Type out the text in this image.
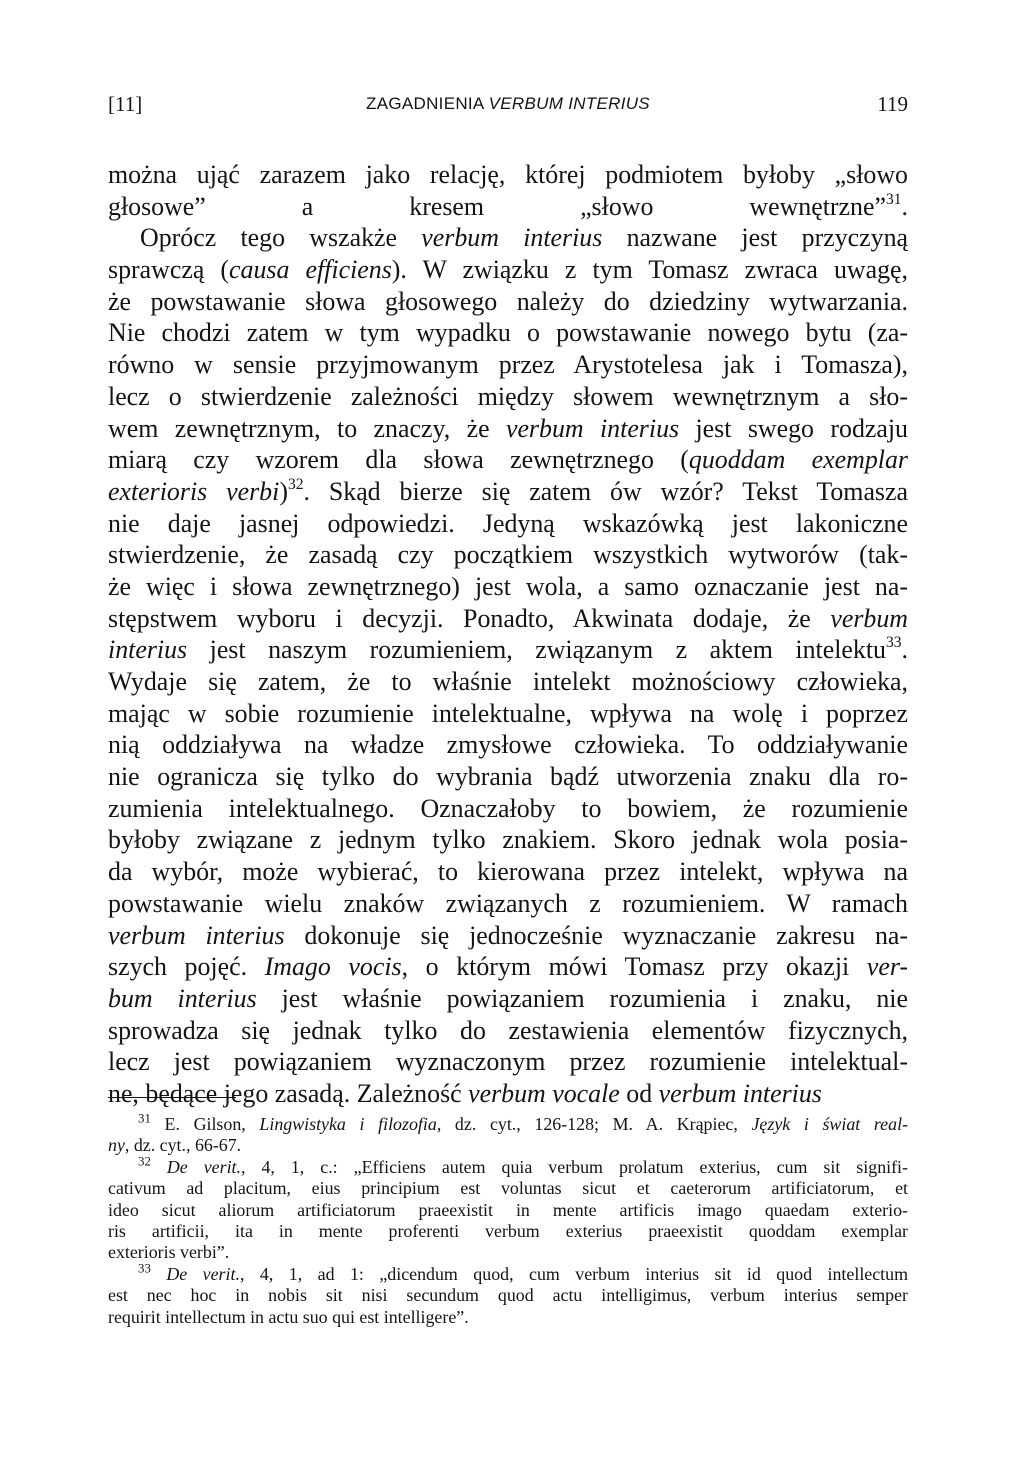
[11]	ZAGADNIENIA VERBUM INTERIUS	119
można ująć zarazem jako relację, której podmiotem byłoby „słowo
głosowe” a kresem „słowo wewnętrzne”$^{31}$.
Oprócz tego wszakże verbum interius nazwane jest przyczyną
sprawczą (causa efficiens). W związku z tym Tomasz zwraca uwagę,
że powstawanie słowa głosowego należy do dziedziny wytwarzania.
Nie chodzi zatem w tym wypadku o powstawanie nowego bytu (za-
równo w sensie przyjmowanym przez Arystotelesa jak i Tomasza),
lecz o stwierdzenie zależności między słowem wewnętrznym a sło-
wem zewnętrznym, to znaczy, że verbum interius jest swego rodzaju
miarą czy wzorem dla słowa zewnętrznego (quoddam exemplar
exterioris verbi)$^{32}$. Skąd bierze się zatem ów wzór? Tekst Tomasza
nie daje jasnej odpowiedzi. Jedyną wskazówką jest lakoniczne
stwierdzenie, że zasadą czy początkiem wszystkich wytworów (tak-
że więc i słowa zewnętrznego) jest wola, a samo oznaczanie jest na-
stępstwem wyboru i decyzji. Ponadto, Akwinata dodaje, że verbum
interius jest naszym rozumieniem, związanym z aktem intelektu$^{33}$.
Wydaje się zatem, że to właśnie intelekt możnościowy człowieka,
mając w sobie rozumienie intelektualne, wpływa na wolę i poprzez
nią oddziaływa na władze zmysłowe człowieka. To oddziaływanie
nie ogranicza się tylko do wybrania bądź utworzenia znaku dla ro-
zumienia intelektualnego. Oznaczałoby to bowiem, że rozumienie
byłoby związane z jednym tylko znakiem. Skoro jednak wola posia-
da wybór, może wybierać, to kierowana przez intelekt, wpływa na
powstawanie wielu znaków związanych z rozumieniem. W ramach
verbum interius dokonuje się jednocześnie wyznaczanie zakresu na-
szych pojęć. Imago vocis, o którym mówi Tomasz przy okazji ver-
bum interius jest właśnie powiązaniem rozumienia i znaku, nie
sprowadza się jednak tylko do zestawienia elementów fizycznych,
lecz jest powiązaniem wyznaczonym przez rozumienie intelektual-
ne, będące jego zasadą. Zależność verbum vocale od verbum interius
$^{31}$ E. Gilson, Lingwistyka i filozofia, dz. cyt., 126-128; M. A. Krąpiec, Język i świat real-
ny, dz. cyt., 66-67.
$^{32}$ De verit., 4, 1, c.: „Efficiens autem quia verbum prolatum exterius, cum sit signifi-
cativum ad placitum, eius principium est voluntas sicut et caeterorum artificiatorum, et
ideo sicut aliorum artificiatorum praeexistit in mente artificis imago quaedam exterio-
ris artificii, ita in mente proferenti verbum exterius praeexistit quoddam exemplar
exterioris verbi”.
$^{33}$ De verit., 4, 1, ad 1: „dicendum quod, cum verbum interius sit id quod intellectum
est nec hoc in nobis sit nisi secundum quod actu intelligimus, verbum interius semper
requirit intellectum in actu suo qui est intelligere”.
